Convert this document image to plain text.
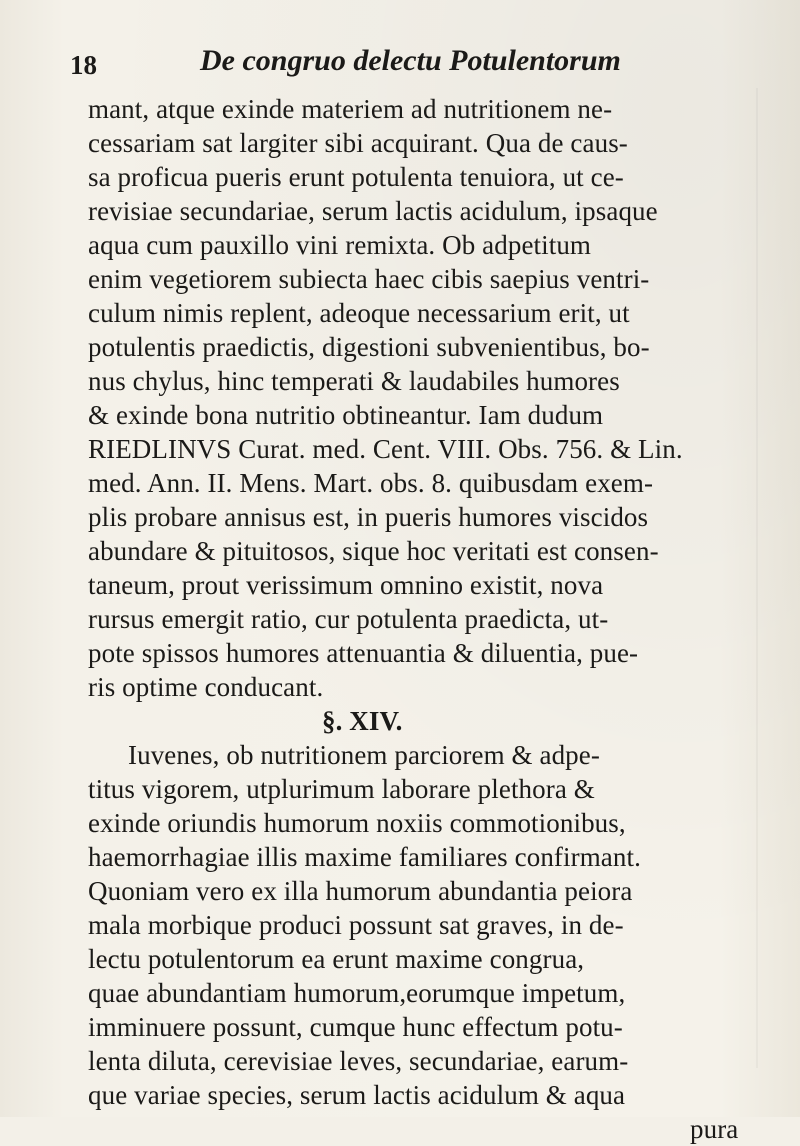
18	De congruo delectu Potulentorum
mant, atque exinde materiem ad nutritionem ne-
cessariam sat largiter sibi acquirant. Qua de caus-
sa proficua pueris erunt potulenta tenuiora, ut ce-
revisiae secundariae, serum lactis acidulum, ipsaque
aqua cum pauxillo vini remixta. Ob adpetitum
enim vegetiorem subiecta haec cibis saepius ventri-
culum nimis replent, adeoque necessarium erit, ut
potulentis praedictis, digestioni subvenientibus, bo-
nus chylus, hinc temperati & laudabiles humores
& exinde bona nutritio obtineantur. Iam dudum
RIEDLINVS Curat. med. Cent. VIII. Obs. 756. & Lin.
med. Ann. II. Mens. Mart. obs. 8. quibusdam exem-
plis probare annisus est, in pueris humores viscidos
abundare & pituitosos, sique hoc veritati est consen-
taneum, prout verissimum omnino existit, nova
rursus emergit ratio, cur potulenta praedicta, ut-
pote spissos humores attenuantia & diluentia, pue-
ris optime conducant.
§. XIV.
Iuvenes, ob nutritionem parciorem & adpe-
titus vigorem, utplurimum laborare plethora &
exinde oriundis humorum noxiis commotionibus,
haemorrhagiae illis maxime familiares confirmant.
Quoniam vero ex illa humorum abundantia peiora
mala morbique produci possunt sat graves, in de-
lectu potulentorum ea erunt maxime congrua,
quae abundantiam humorum,eorumque impetum,
imminuere possunt, cumque hunc effectum potu-
lenta diluta, cerevisiae leves, secundariae, earum-
que variae species, serum lactis acidulum & aqua
pura
